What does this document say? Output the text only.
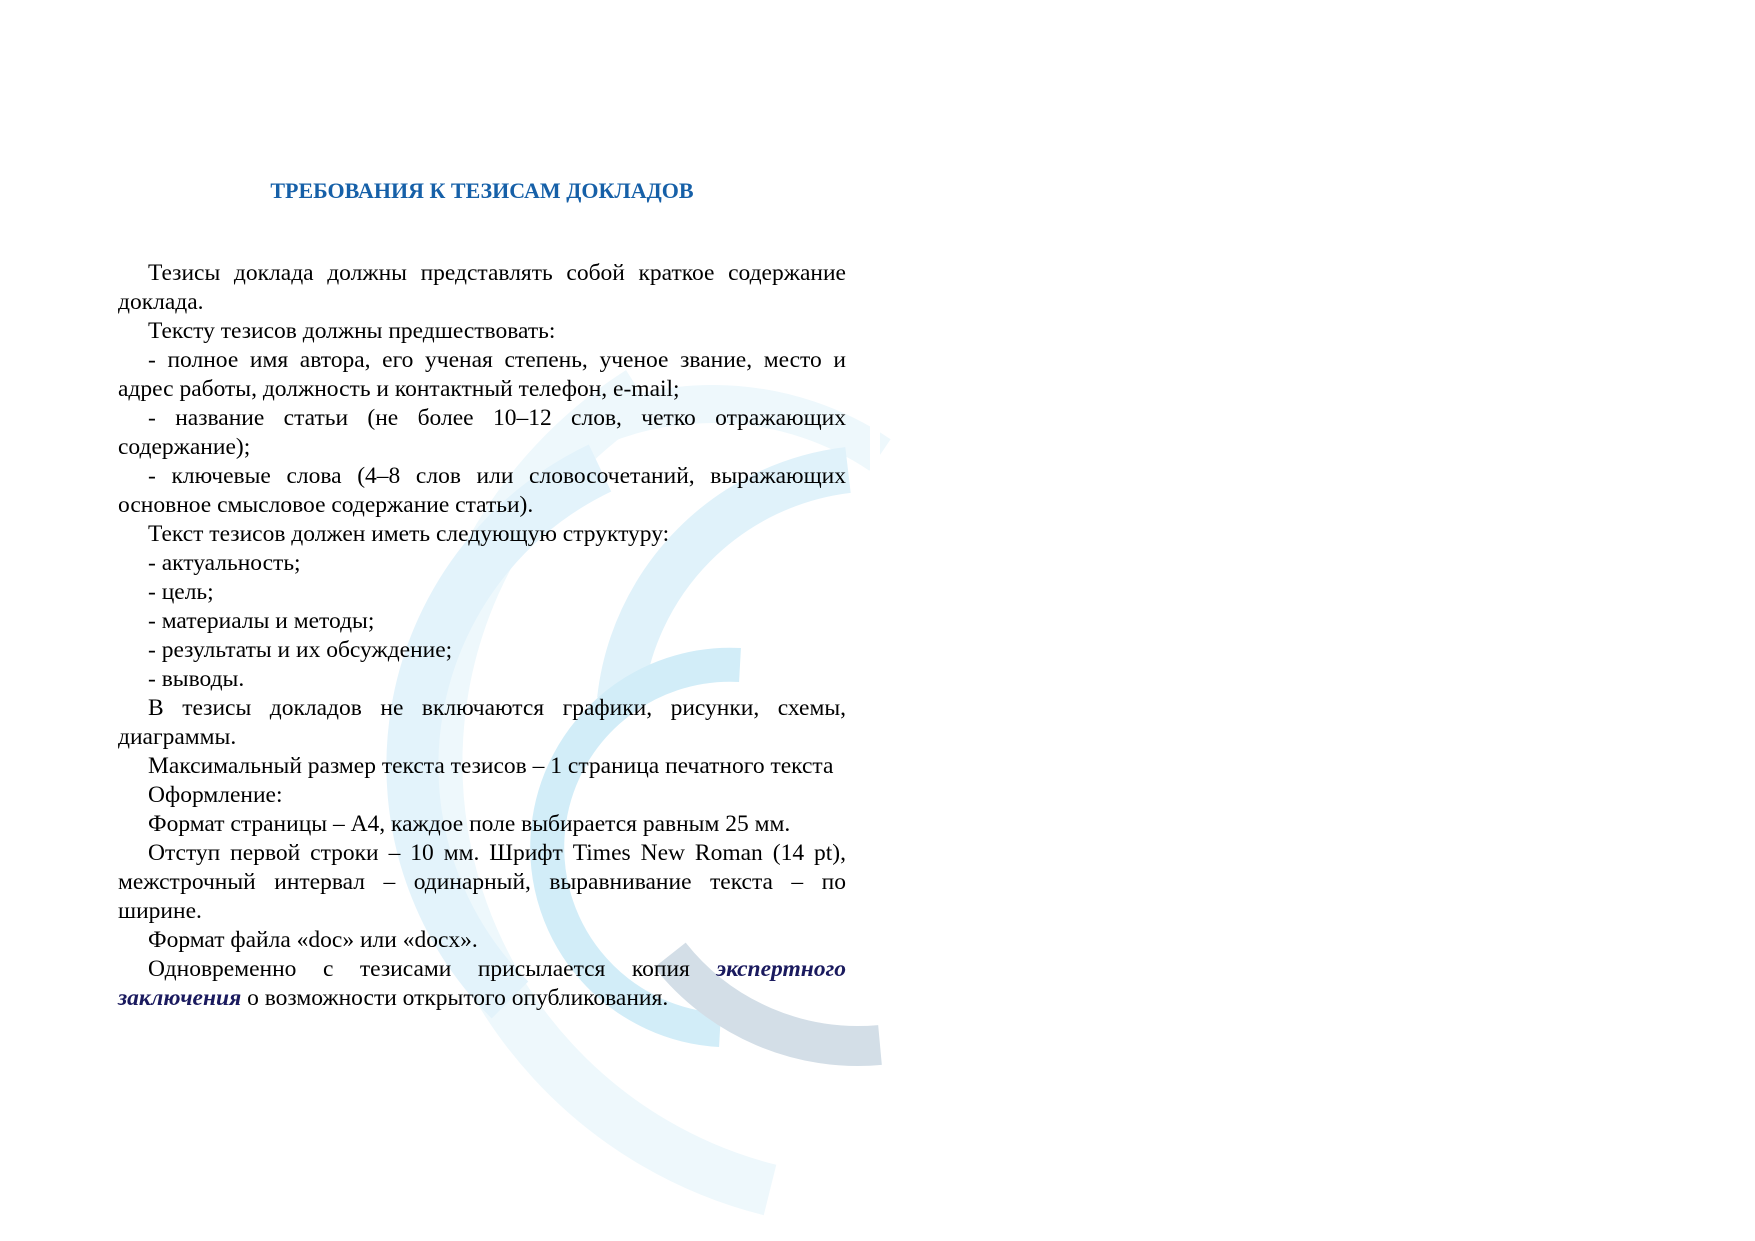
ТРЕБОВАНИЯ К ТЕЗИСАМ ДОКЛАДОВ

Тезисы доклада должны представлять собой краткое содержание доклада.

Тексту тезисов должны предшествовать:

- полное имя автора, его ученая степень, ученое звание, место и адрес работы, должность и контактный телефон, e-mail;

- название статьи (не более 10–12 слов, четко отражающих содержание);

- ключевые слова (4–8 слов или словосочетаний, выражающих основное смысловое содержание статьи).

Текст тезисов должен иметь следующую структуру:

- актуальность;

- цель;

- материалы и методы;

- результаты и их обсуждение;

- выводы.

В тезисы докладов не включаются графики, рисунки, схемы, диаграммы.

Максимальный размер текста тезисов – 1 страница печатного текста

Оформление:

Формат страницы – А4, каждое поле выбирается равным 25 мм.

Отступ первой строки – 10 мм. Шрифт Times New Roman (14 pt), межстрочный интервал – одинарный, выравнивание текста – по ширине.

Формат файла «doc» или «docx».

Одновременно с тезисами присылается копия экспертного заключения о возможности открытого опубликования.
